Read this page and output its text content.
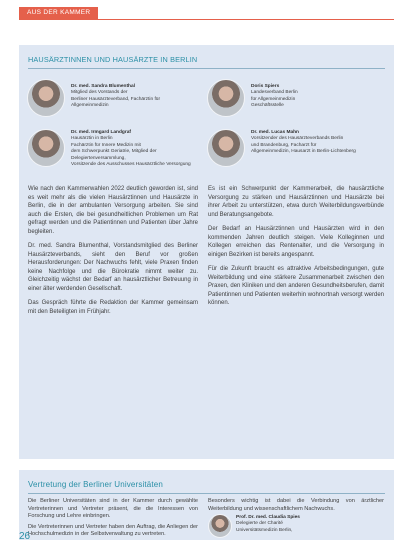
AUS DER KAMMER
HAUSÄRZTINNEN UND HAUSÄRZTE IN BERLIN
Dr. med. Sandra Blumenthal
Mitglied des Vorstands der
Berliner Hausärzteverband, Fachärztin für
Allgemeinmedizin
Doris Spiers
Landesverband Berlin
für Allgemeinmedizin
Geschäftsstelle
Dr. med. Irmgard Landgraf
Hausärztin in Berlin
Fachärztin für Innere Medizin mit
dem Schwerpunkt Geriatrie, Mitglied der Delegiertenversammlung,
Vorsitzende des Ausschusses Hausärztliche Versorgung
Dr. med. Lucas Mahn
Vorsitzender des Hausärzteverbands Berlin
und Brandenburg, Facharzt für
Allgemeinmedizin, Hausarzt in Berlin-Lichtenberg

Wie nach den Kammerwahlen 2022 deutlich geworden ist, sind es weit mehr als die vielen Hausärztinnen und Hausärzte in Berlin, die in der ambulanten Versorgung arbeiten. Sie sind auch die Ersten, die bei gesundheitlichen Problemen um Rat gefragt werden und die Patientinnen und Patienten über Jahre begleiten.

Dr. med. Sandra Blumenthal, Vorstandsmitglied des Berliner Hausärzteverbands, sieht den Beruf vor großen Herausforderungen: Der Nachwuchs fehlt, viele Praxen finden keine Nachfolge und die Bürokratie nimmt weiter zu. Gleichzeitig wächst der Bedarf an hausärztlicher Betreuung in einer älter werdenden Gesellschaft.

Das Gespräch führte die Redaktion der Kammer gemeinsam mit den Beteiligten im Frühjahr.

Es ist ein Schwerpunkt der Kammerarbeit, die hausärztliche Versorgung zu stärken und Hausärztinnen und Hausärzte bei ihrer Arbeit zu unterstützen, etwa durch Weiterbildungsverbünde und Beratungsangebote.

Der Bedarf an Hausärztinnen und Hausärzten wird in den kommenden Jahren deutlich steigen. Viele Kolleginnen und Kollegen erreichen das Rentenalter, und die Versorgung in einigen Bezirken ist bereits angespannt.

Für die Zukunft braucht es attraktive Arbeitsbedingungen, gute Weiterbildung und eine stärkere Zusammenarbeit zwischen den Praxen, den Kliniken und den anderen Gesundheitsberufen, damit Patientinnen und Patienten weiterhin wohnortnah versorgt werden können.

Vertretung der Berliner Universitäten

Die Berliner Universitäten sind in der Kammer durch gewählte Vertreterinnen und Vertreter präsent, die die Interessen von Forschung und Lehre einbringen.

Die Vertreterinnen und Vertreter haben den Auftrag, die Anliegen der Hochschulmedizin in der Selbstverwaltung zu vertreten.

Besonders wichtig ist dabei die Verbindung von ärztlicher Weiterbildung und wissenschaftlichem Nachwuchs.

Prof. Dr. med. Claudia Spies
Delegierte der Charité
Universitätsmedizin Berlin,
26
